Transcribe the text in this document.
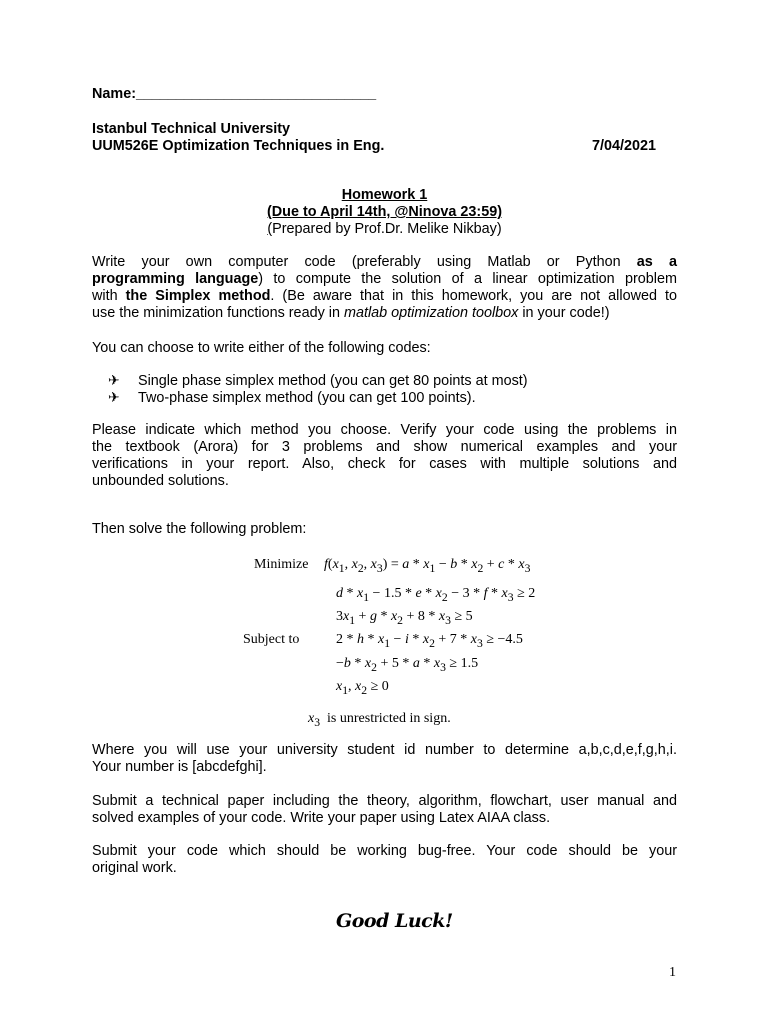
Name:______________________________
Istanbul Technical University
UUM526E Optimization Techniques in Eng.	7/04/2021
Homework 1
(Due to April 14th, @Ninova 23:59)
(Prepared by Prof.Dr. Melike Nikbay)
Write your own computer code (preferably using Matlab or Python as a
programming language) to compute the solution of a linear optimization problem
with the Simplex method. (Be aware that in this homework, you are not allowed to
use the minimization functions ready in matlab optimization toolbox in your code!)
You can choose to write either of the following codes:
✈ Single phase simplex method (you can get 80 points at most)
✈ Two-phase simplex method (you can get 100 points).
Please indicate which method you choose. Verify your code using the problems in
the textbook (Arora) for 3 problems and show numerical examples and your
verifications in your report. Also, check for cases with multiple solutions and
unbounded solutions.
Then solve the following problem:
Minimize $f(x_1$, $x_2$, $x_3) = a * x_1 - b * x_2 + c * x_3$
$d * x_1 - 1.5 * e * x_2 - 3 * f * x_3 \ge 2$
$3x_1 + g * x_2 + 8 * x_3 \ge 5$
Subject to	$2 * h * x_1 - i * x_2 + 7 * x_3 \ge -4.5$
$-b * x_2 + 5 * a * x_3 \ge 1.5$
$x_1$, $x_2 \ge 0$
$x_3$ is unrestricted in sign.
Where you will use your university student id number to determine a,b,c,d,e,f,g,h,i.
Your number is [abcdefghi].
Submit a technical paper including the theory, algorithm, flowchart, user manual and
solved examples of your code. Write your paper using Latex AIAA class.
Submit your code which should be working bug-free. Your code should be your
original work.
Good Luck!
1
